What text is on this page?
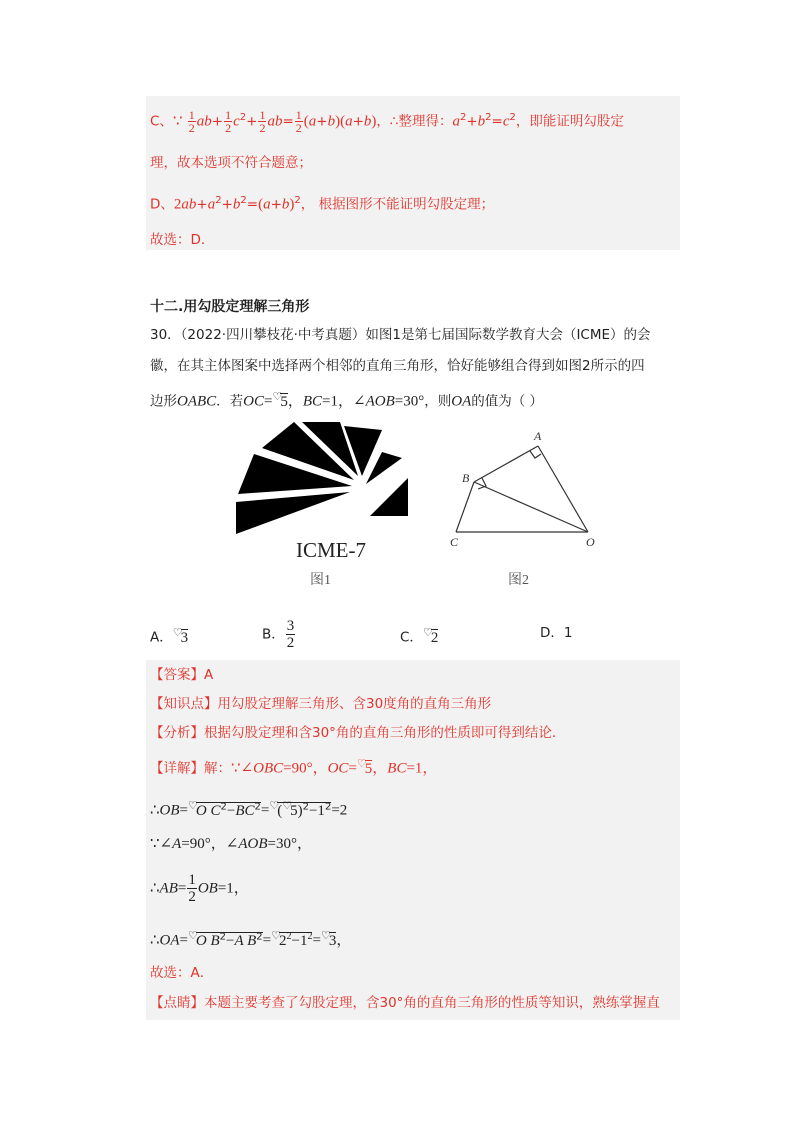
C、∵ $\frac{1}{2} ab+ \frac{1}{2} c^2+ \frac{1}{2} ab= \frac{1}{2} (a+b)(a+b)$，∴整理得：$a^2+b^2=c^2$，即能证明勾股定
理，故本选项不符合题意；
D、$2ab+a^2+b^2=(a+b)^2$， 根据图形不能证明勾股定理；
故选：D．
十二.用勾股定理解三角形
30．（2022·四川攀枝花·中考真题）如图1是第七届国际数学教育大会（ICME）的会
徽，在其主体图案中选择两个相邻的直角三角形，恰好能够组合得到如图2所示的四
边形OABC．若OC=♡5，BC=1，∠AOB=30°，则OA的值为（ ）
ICME-7
图1
A
B
C	O
图2
A．♡3	B． $\frac{3}{2}$	C．♡2	D．1
【答案】A
【知识点】用勾股定理解三角形、含30度角的直角三角形
【分析】根据勾股定理和含30°角的直角三角形的性质即可得到结论．
【详解】解：∵∠OBC=90°，OC=♡5，BC=1，
∴OB=♡O $C^2-BC^2=^♡(^♡5)^2-1^2=2$
∵∠A=90°，∠AOB=30°，
∴AB= $\frac{1}{2} OB=1$，
∴OA=♡O $B^2-A$ $B^2=^♡2^2-1^2=^♡3$，
故选：A．
【点睛】本题主要考查了勾股定理，含30°角的直角三角形的性质等知识，熟练掌握直
